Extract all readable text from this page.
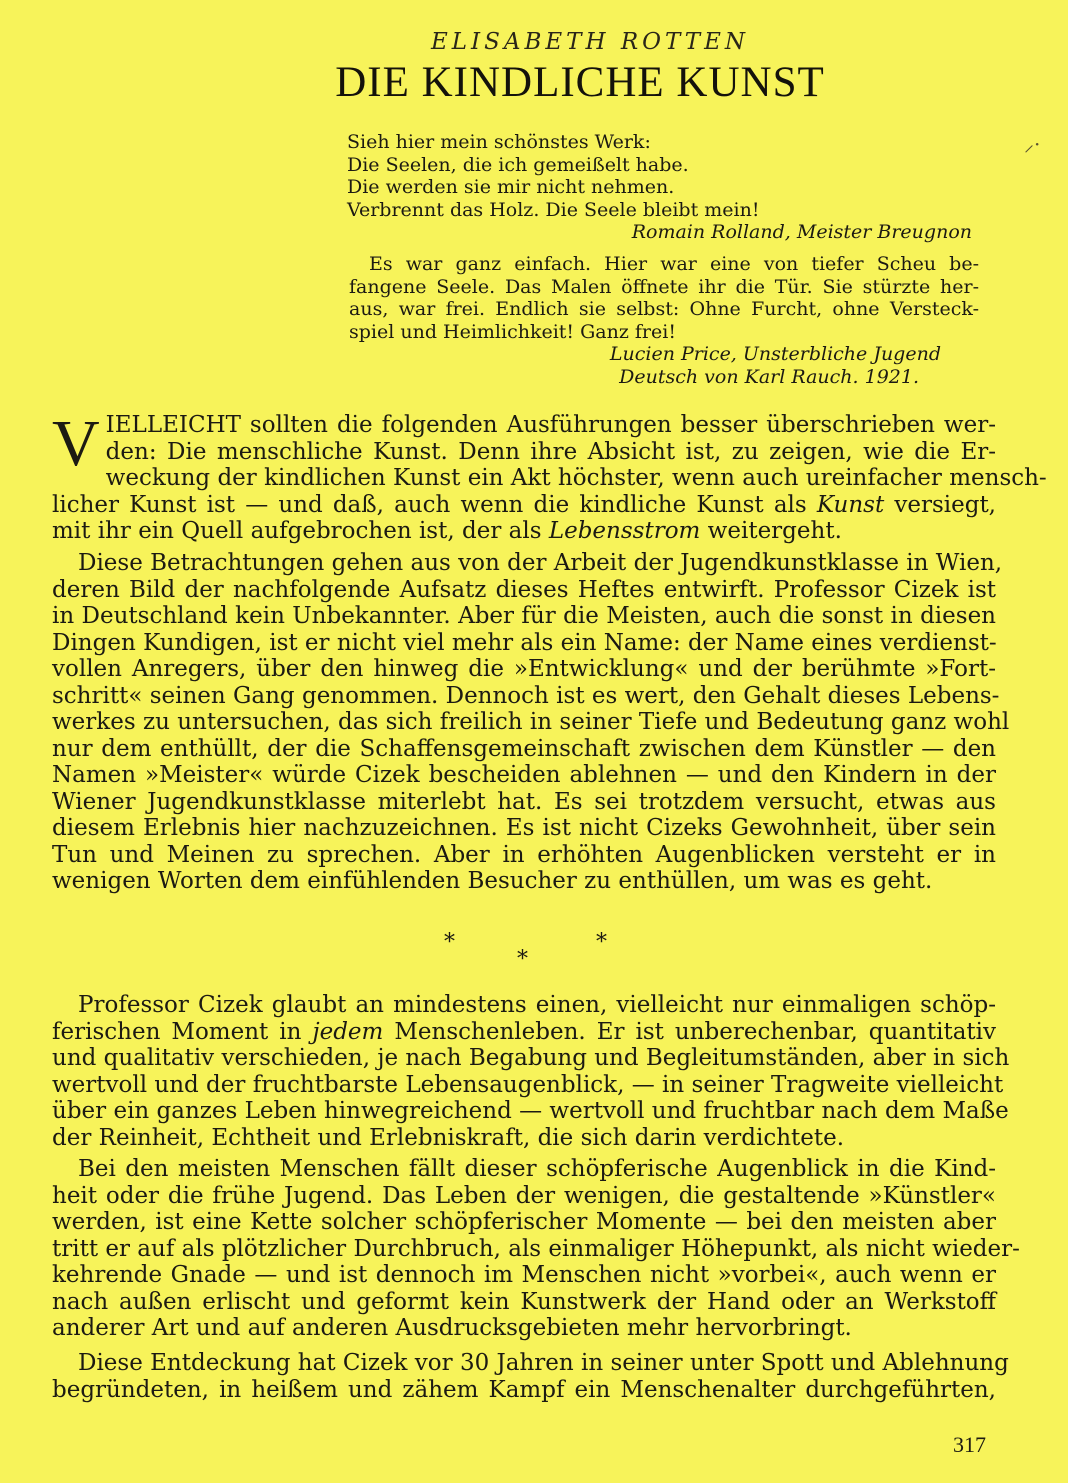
⸝·
ELISABETH ROTTEN
DIE KINDLICHE KUNST
Sieh hier mein schönstes Werk:
Die Seelen, die ich gemeißelt habe.
Die werden sie mir nicht nehmen.
Verbrennt das Holz. Die Seele bleibt mein!
Romain Rolland, Meister Breugnon
Es war ganz einfach. Hier war eine von tiefer Scheu be-
fangene Seele. Das Malen öffnete ihr die Tür. Sie stürzte her-
aus, war frei. Endlich sie selbst: Ohne Furcht, ohne Versteck-
spiel und Heimlichkeit! Ganz frei!
Lucien Price, Unsterbliche Jugend
Deutsch von Karl Rauch. 1921.
V IELLEICHT sollten die folgenden Ausführungen besser überschrieben wer-
den: Die menschliche Kunst. Denn ihre Absicht ist, zu zeigen, wie die Er-
weckung der kindlichen Kunst ein Akt höchster, wenn auch ureinfacher mensch-
licher Kunst ist — und daß, auch wenn die kindliche Kunst als Kunst versiegt,
mit ihr ein Quell aufgebrochen ist, der als Lebensstrom weitergeht.
Diese Betrachtungen gehen aus von der Arbeit der Jugendkunstklasse in Wien,
deren Bild der nachfolgende Aufsatz dieses Heftes entwirft. Professor Cizek ist
in Deutschland kein Unbekannter. Aber für die Meisten, auch die sonst in diesen
Dingen Kundigen, ist er nicht viel mehr als ein Name: der Name eines verdienst-
vollen Anregers, über den hinweg die »Entwicklung« und der berühmte »Fort-
schritt« seinen Gang genommen. Dennoch ist es wert, den Gehalt dieses Lebens-
werkes zu untersuchen, das sich freilich in seiner Tiefe und Bedeutung ganz wohl
nur dem enthüllt, der die Schaffensgemeinschaft zwischen dem Künstler — den
Namen »Meister« würde Cizek bescheiden ablehnen — und den Kindern in der
Wiener Jugendkunstklasse miterlebt hat. Es sei trotzdem versucht, etwas aus
diesem Erlebnis hier nachzuzeichnen. Es ist nicht Cizeks Gewohnheit, über sein
Tun und Meinen zu sprechen. Aber in erhöhten Augenblicken versteht er in
wenigen Worten dem einfühlenden Besucher zu enthüllen, um was es geht.
*	*
*
Professor Cizek glaubt an mindestens einen, vielleicht nur einmaligen schöp-
ferischen Moment in jedem Menschenleben. Er ist unberechenbar, quantitativ
und qualitativ verschieden, je nach Begabung und Begleitumständen, aber in sich
wertvoll und der fruchtbarste Lebensaugenblick, — in seiner Tragweite vielleicht
über ein ganzes Leben hinwegreichend — wertvoll und fruchtbar nach dem Maße
der Reinheit, Echtheit und Erlebniskraft, die sich darin verdichtete.
Bei den meisten Menschen fällt dieser schöpferische Augenblick in die Kind-
heit oder die frühe Jugend. Das Leben der wenigen, die gestaltende »Künstler«
werden, ist eine Kette solcher schöpferischer Momente — bei den meisten aber
tritt er auf als plötzlicher Durchbruch, als einmaliger Höhepunkt, als nicht wieder-
kehrende Gnade — und ist dennoch im Menschen nicht »vorbei«, auch wenn er
nach außen erlischt und geformt kein Kunstwerk der Hand oder an Werkstoff
anderer Art und auf anderen Ausdrucksgebieten mehr hervorbringt.
Diese Entdeckung hat Cizek vor 30 Jahren in seiner unter Spott und Ablehnung
begründeten, in heißem und zähem Kampf ein Menschenalter durchgeführten,
317
